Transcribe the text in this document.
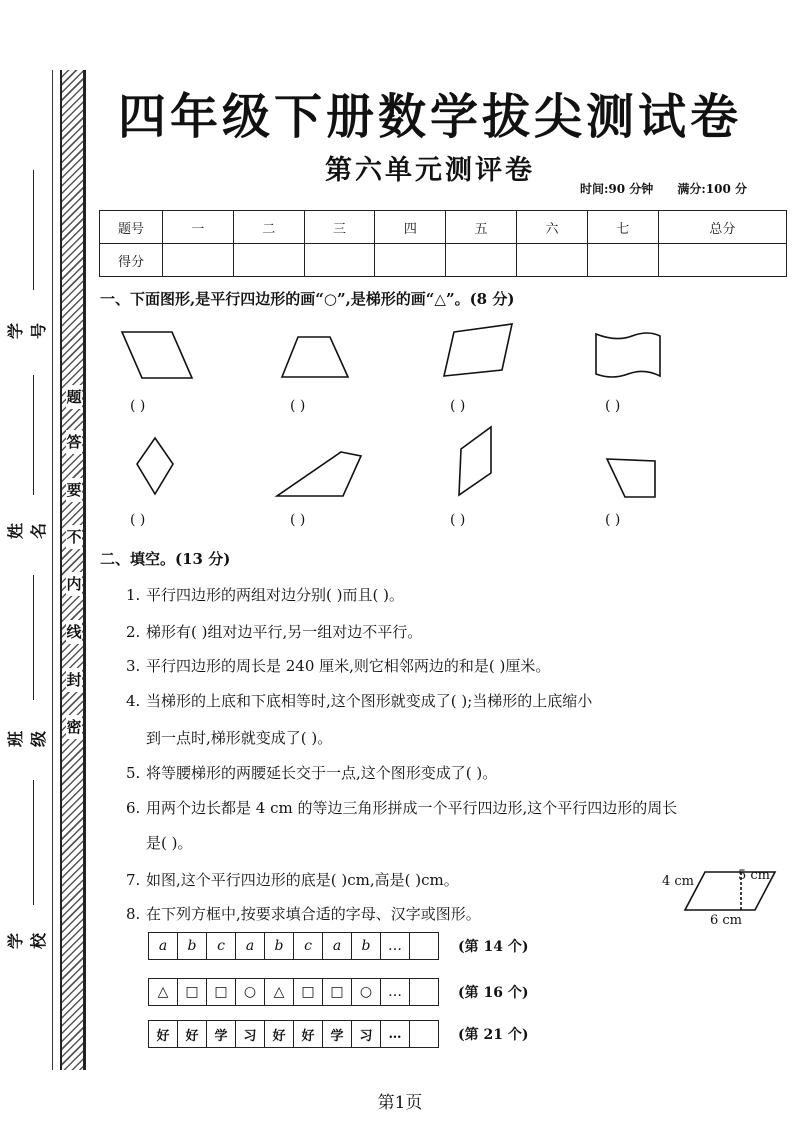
题
答
要
不
内
线
封
密
学号
姓名
班级
学校
四年级下册数学拔尖测试卷
第六单元测评卷
时间:90 分钟 满分:100 分
题号	一	二	三	四	五	六	七	总分
得分								
一、下面图形,是平行四边形的画“○”,是梯形的画“△”。(8 分)
( )	( )	( )	( )
( )	( )	( )	( )
二、填空。(13 分)
1. 平行四边形的两组对边分别( )而且( )。
2. 梯形有( )组对边平行,另一组对边不平行。
3. 平行四边形的周长是 240 厘米,则它相邻两边的和是( )厘米。
4. 当梯形的上底和下底相等时,这个图形就变成了( );当梯形的上底缩小
到一点时,梯形就变成了( )。
5. 将等腰梯形的两腰延长交于一点,这个图形变成了( )。
6. 用两个边长都是 4 cm 的等边三角形拼成一个平行四边形,这个平行四边形的周长
是( )。
7. 如图,这个平行四边形的底是( )cm,高是( )cm。
8. 在下列方框中,按要求填合适的字母、汉字或图形。
4 cm	5 cm
6 cm
a	b	c	a	b	c	a	b	…	(第 14 个)
△	□	□	○	△	□	□	○	…	(第 16 个)
好	好	学	习	好	好	学	习	…	(第 21 个)
第1页
